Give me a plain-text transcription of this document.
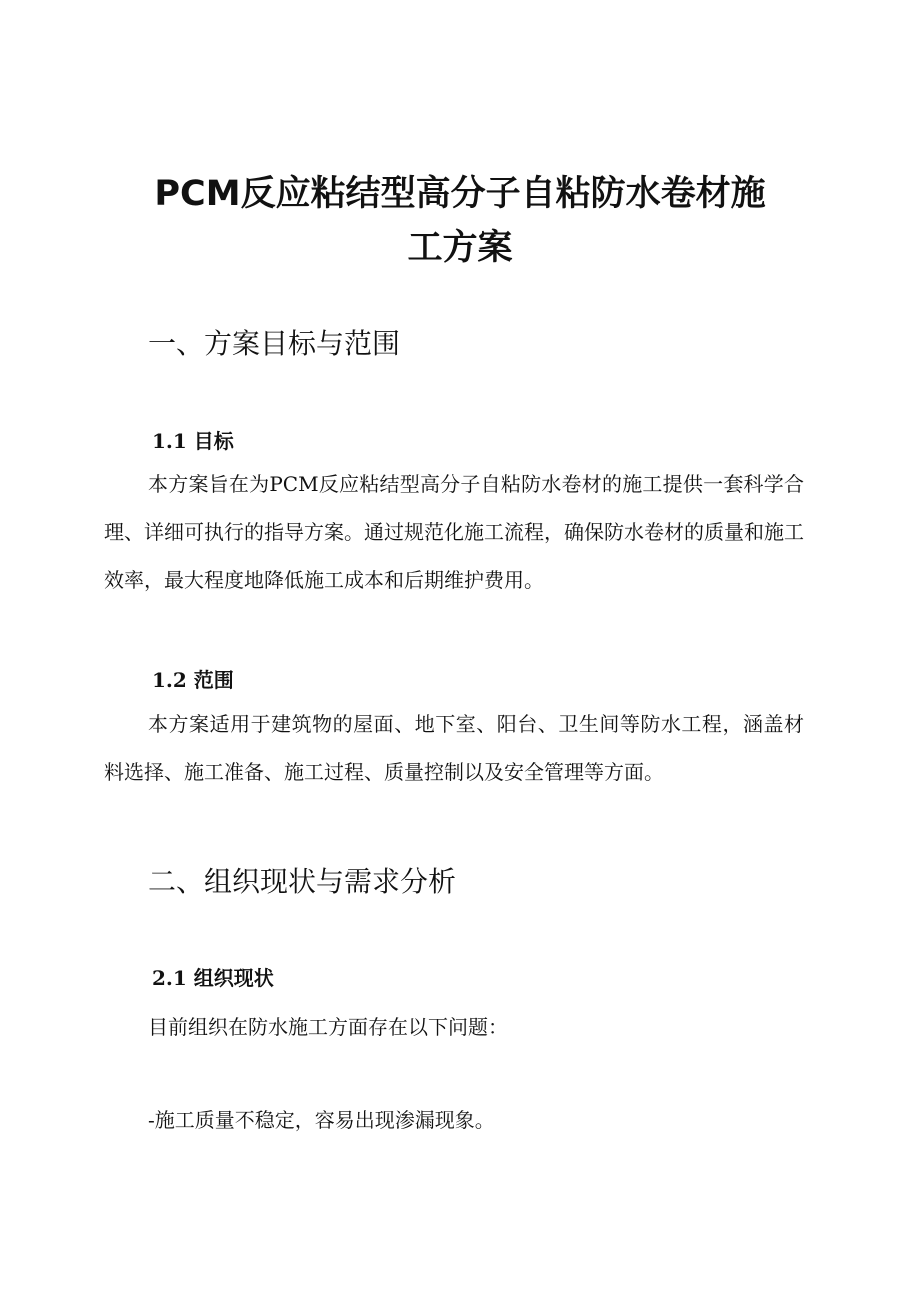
PCM反应粘结型高分子自粘防水卷材施
工方案
一、方案目标与范围
1.1 目标

本方案旨在为PCM反应粘结型高分子自粘防水卷材的施工提供一套科学合理、详细可执行的指导方案。通过规范化施工流程，确保防水卷材的质量和施工效率，最大程度地降低施工成本和后期维护费用。

1.2 范围

本方案适用于建筑物的屋面、地下室、阳台、卫生间等防水工程，涵盖材料选择、施工准备、施工过程、质量控制以及安全管理等方面。

二、组织现状与需求分析
2.1 组织现状

目前组织在防水施工方面存在以下问题：

-施工质量不稳定，容易出现渗漏现象。
